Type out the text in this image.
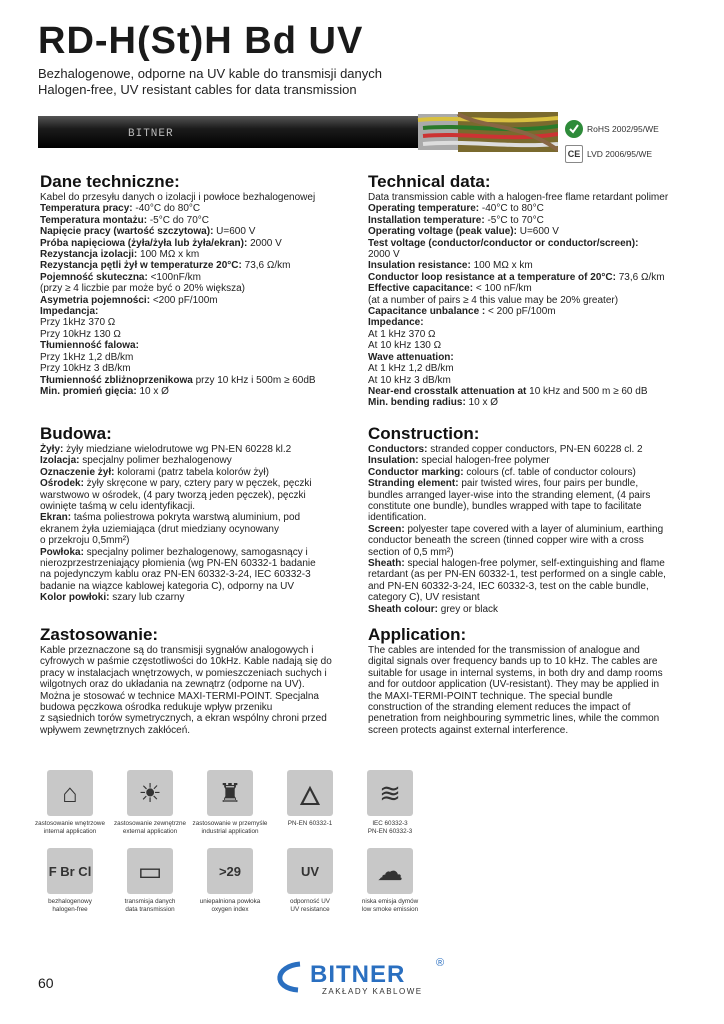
RD-H(St)H Bd UV
Bezhalogenowe, odporne na UV kable do transmisji danych
Halogen-free, UV resistant cables for data transmission
BITNER	RoHS 2002/95/WE
CE LVD 2006/95/WE
Dane techniczne:
Kabel do przesyłu danych o izolacji i powłoce bezhalogenowej
Temperatura pracy: -40°C do 80°C
Temperatura montażu: -5°C do 70°C
Napięcie pracy (wartość szczytowa): U=600 V
Próba napięciowa (żyła/żyła lub żyła/ekran): 2000 V
Rezystancja izolacji: 100 MΩ x km
Rezystancja pętli żył w temperaturze 20°C: 73,6 Ω/km
Pojemność skuteczna: <100nF/km
(przy ≥ 4 liczbie par może być o 20% większa)
Asymetria pojemności: <200 pF/100m
Impedancja:
Przy 1kHz 370 Ω
Przy 10kHz 130 Ω
Tłumienność falowa:
Przy 1kHz 1,2 dB/km
Przy 10kHz 3 dB/km
Tłumienność zbliżnoprzenikowa przy 10 kHz i 500m ≥ 60dB
Min. promień gięcia: 10 x Ø
Technical data:
Data transmission cable with a halogen-free flame retardant polimer
Operating temperature: -40°C to 80°C
Installation temperature: -5°C to 70°C
Operating voltage (peak value): U=600 V
Test voltage (conductor/conductor or conductor/screen):
2000 V
Insulation resistance: 100 MΩ x km
Conductor loop resistance at a temperature of 20°C: 73,6 Ω/km
Effective capacitance: < 100 nF/km
(at a number of pairs ≥ 4 this value may be 20% greater)
Capacitance unbalance : < 200 pF/100m
Impedance:
At 1 kHz 370 Ω
At 10 kHz 130 Ω
Wave attenuation:
At 1 kHz 1,2 dB/km
At 10 kHz 3 dB/km
Near-end crosstalk attenuation at 10 kHz and 500 m ≥ 60 dB
Min. bending radius: 10 x Ø
Budowa:
Żyły: żyły miedziane wielodrutowe wg PN-EN 60228 kl.2
Izolacja: specjalny polimer bezhalogenowy
Oznaczenie żył: kolorami (patrz tabela kolorów żył)
Ośrodek: żyły skręcone w pary, cztery pary w pęczek, pęczki
warstwowo w ośrodek, (4 pary tworzą jeden pęczek), pęczki
owinięte taśmą w celu identyfikacji.
Ekran: taśma poliestrowa pokryta warstwą aluminium, pod
ekranem żyła uziemiająca (drut miedziany ocynowany
o przekroju 0,5mm²)
Powłoka: specjalny polimer bezhalogenowy, samogasnący i
nierozprzestrzeniający płomienia (wg PN-EN 60332-1 badanie
na pojedynczym kablu oraz PN-EN 60332-3-24, IEC 60332-3
badanie na wiązce kablowej kategoria C), odporny na UV
Kolor powłoki: szary lub czarny
Construction:
Conductors: stranded copper conductors, PN-EN 60228 cl. 2
Insulation: special halogen-free polymer
Conductor marking: colours (cf. table of conductor colours)
Stranding element: pair twisted wires, four pairs per bundle,
bundles arranged layer-wise into the stranding element, (4 pairs
constitute one bundle), bundles wrapped with tape to facilitate
identification.
Screen: polyester tape covered with a layer of aluminium, earthing
conductor beneath the screen (tinned copper wire with a cross
section of 0,5 mm²)
Sheath: special halogen-free polymer, self-extinguishing and flame
retardant (as per PN-EN 60332-1, test performed on a single cable,
and PN-EN 60332-3-24, IEC 60332-3, test on the cable bundle,
category C), UV resistant
Sheath colour: grey or black
Zastosowanie:
Kable przeznaczone są do transmisji sygnałów analogowych i
cyfrowych w paśmie częstotliwości do 10kHz. Kable nadają się do
pracy w instalacjach wnętrzowych, w pomieszczeniach suchych i
wilgotnych oraz do układania na zewnątrz (odporne na UV).
Można je stosować w technice MAXI-TERMI-POINT. Specjalna
budowa pęczkowa ośrodka redukuje wpływ przeniku
z sąsiednich torów symetrycznych, a ekran wspólny chroni przed
wpływem zewnętrznych zakłóceń.
Application:
The cables are intended for the transmission of analogue and
digital signals over frequency bands up to 10 kHz. The cables are
suitable for usage in internal systems, in both dry and damp rooms
and for outdoor application (UV-resistant). They may be applied in
the MAXI-TERMI-POINT technique. The special bundle
construction of the stranding element reduces the impact of
penetration from neighbouring symmetric lines, while the common
screen protects against external interference.
⌂
zastosowanie wnętrzowe
internal application
☀
zastosowanie zewnętrzne
external application
♜
zastosowanie w przemyśle
industrial application
🜂
PN-EN 60332-1
≋
IEC 60332-3
PN-EN 60332-3
F Br Cl
bezhalogenowy
halogen-free
▭
transmisja danych
data transmission
>29
uniepalniona powłoka
oxygen index
UV
odporność UV
UV resistance
☁
niska emisja dymów
low smoke emission
60	BITNER	®
ZAKŁADY KABLOWE
